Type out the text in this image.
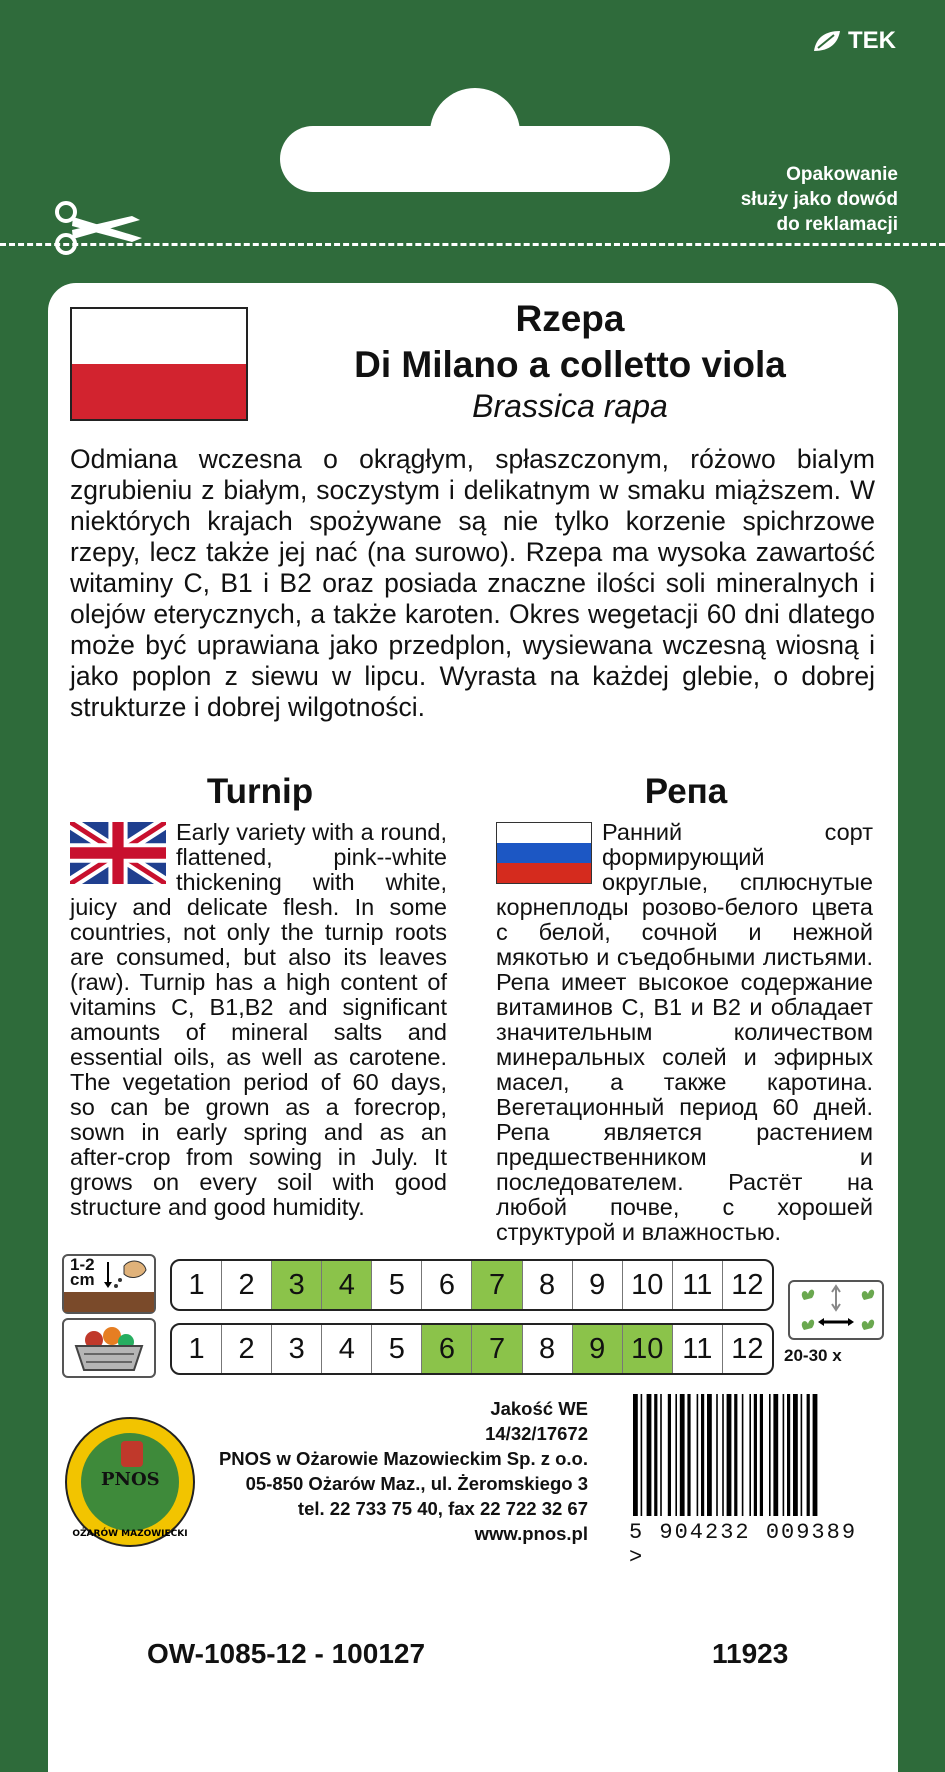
TEK
Opakowanie
służy jako dowód
do reklamacji
Rzepa
Di Milano a colletto viola
Brassica rapa
Odmiana wczesna o okrągłym, spłaszczonym, różowo biaΙym zgrubieniu z białym, soczystym i delikatnym w smaku miąższem. W niektórych krajach spożywane są nie tylko korzenie spichrzowe rzepy, lecz także jej nać (na surowo). Rzepa ma wysoka zawartość witaminy C, B1 i B2 oraz posiada znaczne ilości soli mineralnych i olejów eterycznych, a także karoten. Okres wegetacji 60 dni dlatego może być uprawiana jako przedplon, wysiewana wczesną wiosną i jako poplon z siewu w lipcu. Wyrasta na każdej glebie, o dobrej strukturze i dobrej wilgotności.
Turnip	Репа
Early variety with a round, flattened, pink--white thickening with white, juicy and delicate flesh. In some countries, not only the turnip roots are consumed, but also its leaves (raw). Turnip has a high content of vitamins C, B1,B2 and significant amounts of mineral salts and essential oils, as well as carotene. The vegetation period of 60 days, so can be grown as a forecrop, sown in early spring and as an after-crop from sowing in July. It grows on every soil with good structure and good humidity.
Ранний сорт формирующий округлые, сплюснутые корнеплоды розово-белого цвета с белой, сочной и нежной мякотью и съедобными листьями. Репа имеет высокое содержание витаминов С, В1 и В2 и обладает значительным количеством минеральных солей и эфирных масел, а также каротина. Вегетационный период 60 дней. Репа является растением предшественником и последователем. Растёт на любой почве, с хорошей структурой и влажностью.
1-2
cm	1	2	3	4	5	6	7	8	9 10 11 12
1	2	3	4	5	6	7	8	9 10 11 12	20-30 x
PNOS
OŻARÓW MAZOWIECKI
Jakość WE
14/32/17672
PNOS w Ożarowie Mazowieckim Sp. z o.o.
05-850 Ożarów Maz., ul. Żeromskiego 3
tel. 22 733 75 40, fax 22 722 32 67
www.pnos.pl 5 904232 009389 >
OW-1085-12 - 100127	11923
